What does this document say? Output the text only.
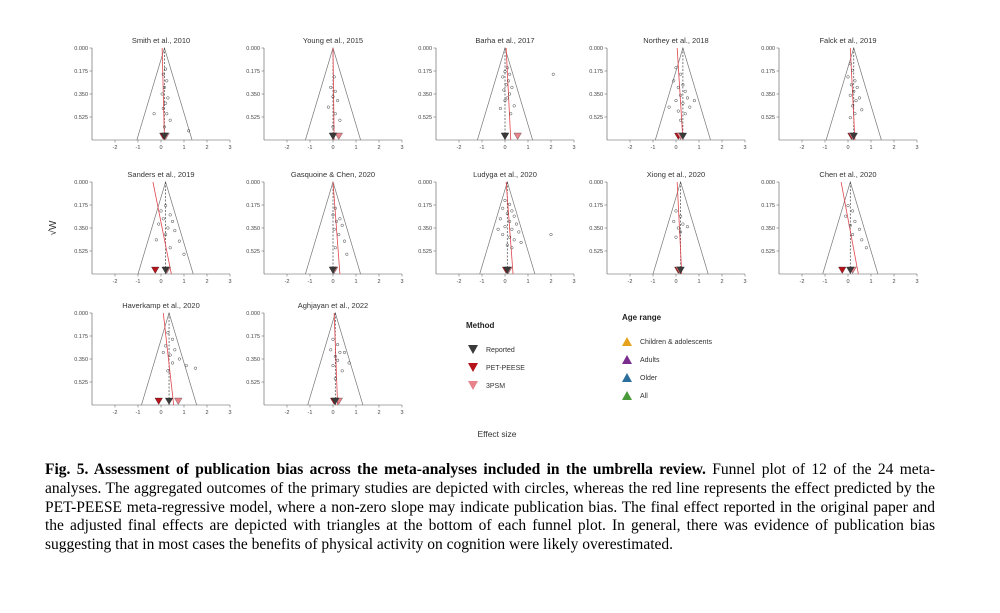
Smith et al., 2010
0.000
0.175
0.350
0.525
-2	-1	0	1	2	3
Young et al., 2015
0.000
0.175
0.350
0.525
-2	-1	0	1	2	3
Barha et al., 2017
0.000
0.175
0.350
0.525
-2	-1	0	1	2	3
Northey et al., 2018
0.000
0.175
0.350
0.525
-2	-1	0	1	2	3
Falck et al., 2019
0.000
0.175
0.350
0.525
-2	-1	0	1	2	3
Sanders et al., 2019
0.000
0.175
0.350
0.525
-2	-1	0	1	2	3
Gasquoine & Chen, 2020
0.000
0.175
0.350
0.525
-2	-1	0	1	2	3
Ludyga et al., 2020
0.000
0.175
0.350
0.525
-2	-1	0	1	2	3
Xiong et al., 2020
0.000
0.175
0.350
0.525
-2	-1	0	1	2	3
Chen et al., 2020
0.000
0.175
0.350
0.525
-2	-1	0	1	2	3
Haverkamp et al., 2020
0.000
0.175
0.350
0.525
-2	-1	0	1	2	3
Aghjayan et al., 2022
0.000
0.175
0.350
0.525
-2	-1	0	1	2	3
√W
Effect size
Method
Reported
PET-PEESE
3PSM
Age range
Children & adolescents
Adults
Older
All
Fig. 5. Assessment of publication bias across the meta-analyses included in the umbrella review. Funnel plot of 12 of the 24 meta-analyses. The aggregated outcomes of the primary studies are depicted with circles, whereas the red line represents the effect predicted by the PET-PEESE meta-regressive model, where a non-zero slope may indicate publication bias. The final effect reported in the original paper and the adjusted final effects are depicted with triangles at the bottom of each funnel plot. In general, there was evidence of publication bias suggesting that in most cases the benefits of physical activity on cognition were likely overestimated.
